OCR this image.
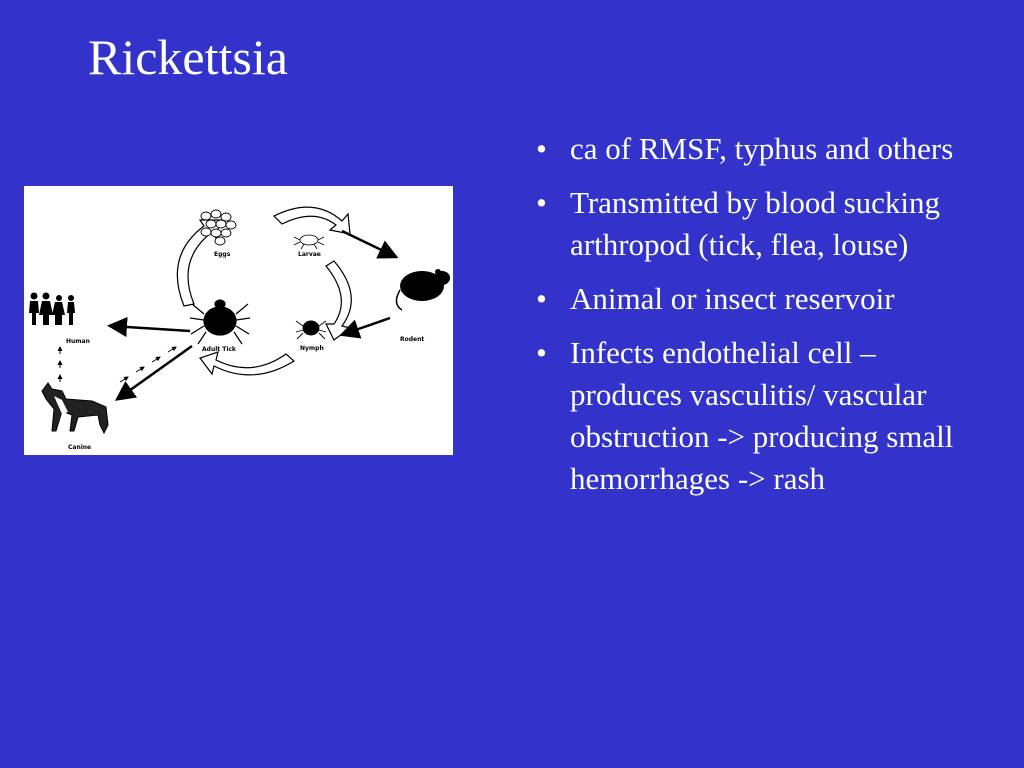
Rickettsia
• ca of RMSF, typhus and others
• Transmitted by blood sucking arthropod (tick, flea, louse)
• Animal or insect reservoir
• Infects endothelial cell – produces vasculitis/ vascular obstruction -> producing small hemorrhages -> rash
Eggs	Larvae
Nymph
Adult Tick
Rodent
Human
Canine
